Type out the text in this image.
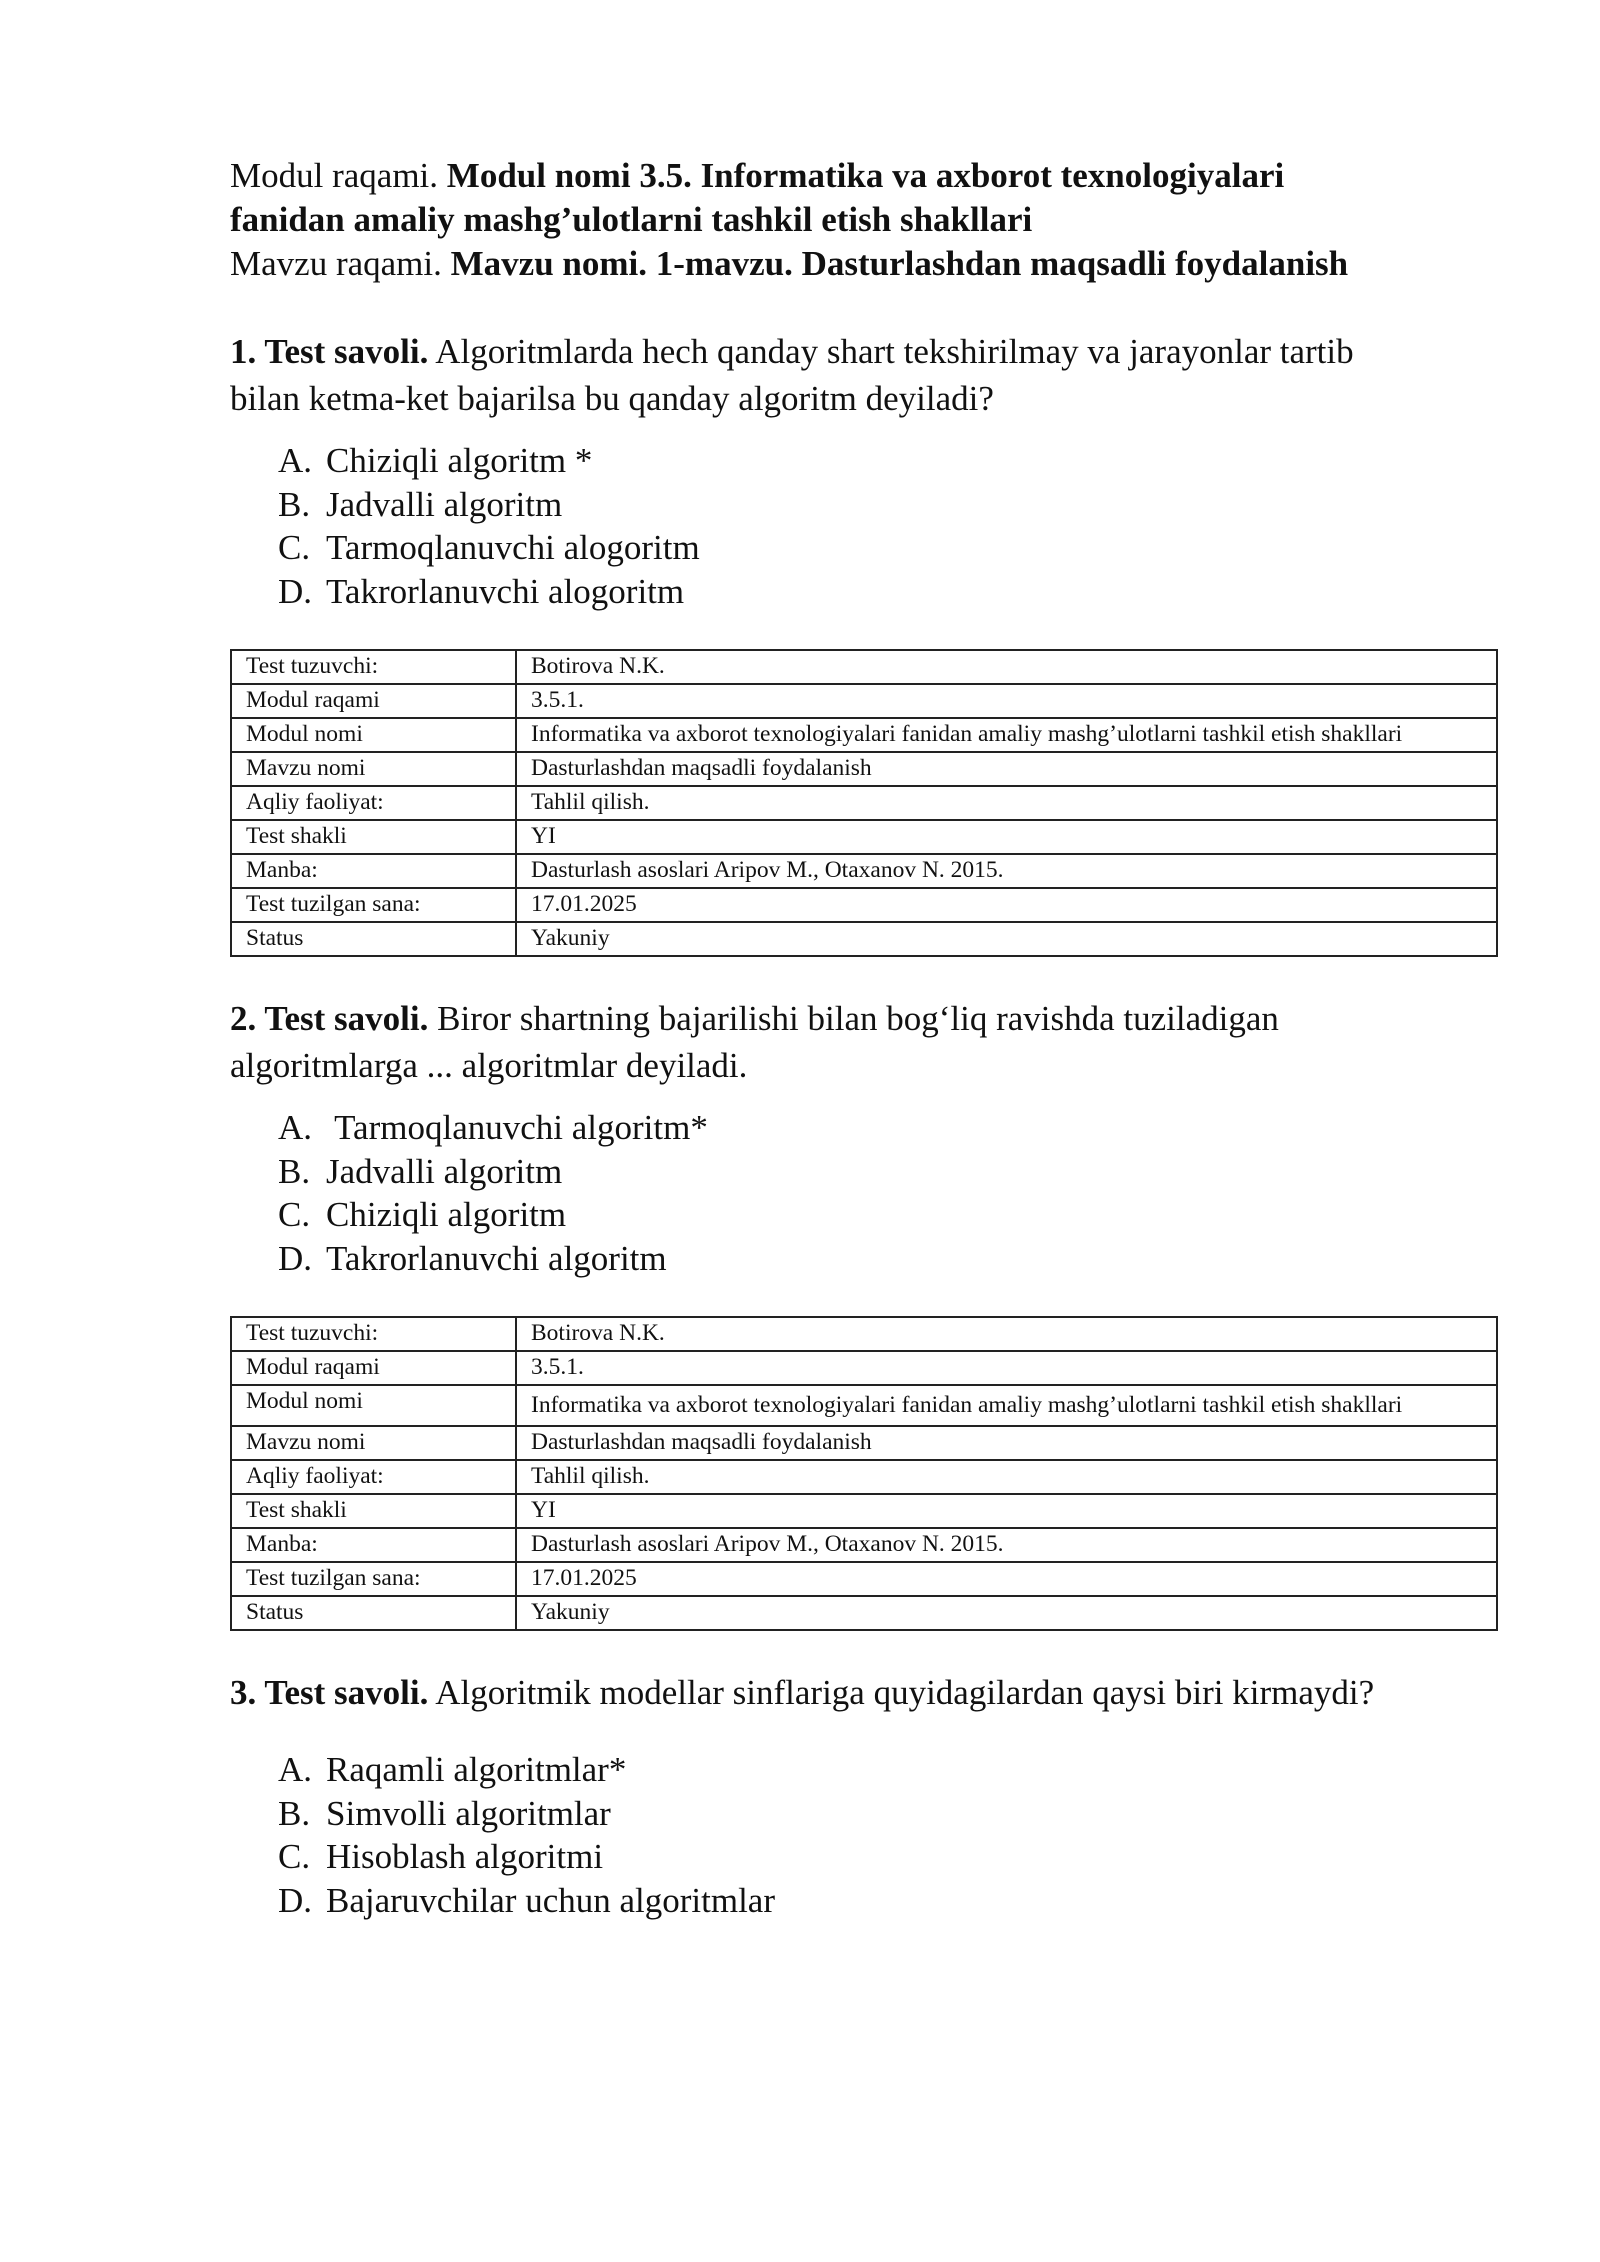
Modul raqami. Modul nomi 3.5. Informatika va axborot texnologiyalari

fanidan amaliy mashg’ulotlarni tashkil etish shakllari

Mavzu raqami. Mavzu nomi. 1-mavzu. Dasturlashdan maqsadli foydalanish

1. Test savoli. Algoritmlarda hech qanday shart tekshirilmay va jarayonlar tartib
bilan ketma-ket bajarilsa bu qanday algoritm deyiladi?

A. Chiziqli algoritm *
B. Jadvalli algoritm
C. Tarmoqlanuvchi alogoritm
D. Takrorlanuvchi alogoritm
Test tuzuvchi:	Botirova N.K.
Modul raqami	3.5.1.
Modul nomi	Informatika va axborot texnologiyalari fanidan amaliy mashg’ulotlarni tashkil etish shakllari
Mavzu nomi	Dasturlashdan maqsadli foydalanish
Aqliy faoliyat:	Tahlil qilish.
Test shakli	YI
Manba:	Dasturlash asoslari Aripov M., Otaxanov N. 2015.
Test tuzilgan sana:	17.01.2025
Status	Yakuniy

2. Test savoli. Biror shartning bajarilishi bilan bog‘liq ravishda tuziladigan
algoritmlarga ... algoritmlar deyiladi.

A. Tarmoqlanuvchi algoritm*
B. Jadvalli algoritm
C. Chiziqli algoritm
D. Takrorlanuvchi algoritm
Test tuzuvchi:	Botirova N.K.
Modul raqami	3.5.1.
Modul nomi	Informatika va axborot texnologiyalari fanidan amaliy mashg’ulotlarni tashkil etish shakllari
Mavzu nomi	Dasturlashdan maqsadli foydalanish
Aqliy faoliyat:	Tahlil qilish.
Test shakli	YI
Manba:	Dasturlash asoslari Aripov M., Otaxanov N. 2015.
Test tuzilgan sana:	17.01.2025
Status	Yakuniy

3. Test savoli. Algoritmik modellar sinflariga quyidagilardan qaysi biri kirmaydi?

A. Raqamli algoritmlar*
B. Simvolli algoritmlar
C. Hisoblash algoritmi
D. Bajaruvchilar uchun algoritmlar
